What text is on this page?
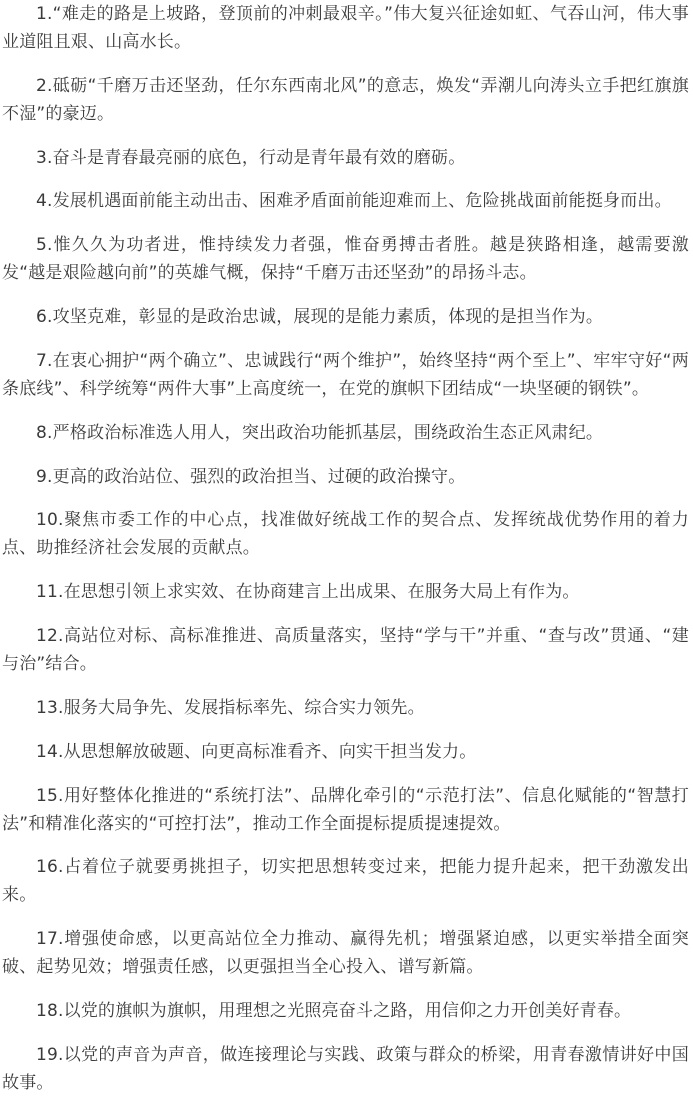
1.“难走的路是上坡路，登顶前的冲刺最艰辛。”伟大复兴征途如虹、气吞山河，伟大事业道阻且艰、山高水长。

2.砥砺“千磨万击还坚劲，任尔东西南北风”的意志，焕发“弄潮儿向涛头立手把红旗旗不湿”的豪迈。

3.奋斗是青春最亮丽的底色，行动是青年最有效的磨砺。

4.发展机遇面前能主动出击、困难矛盾面前能迎难而上、危险挑战面前能挺身而出。

5.惟久久为功者进，惟持续发力者强，惟奋勇搏击者胜。越是狭路相逢，越需要激发“越是艰险越向前”的英雄气概，保持“千磨万击还坚劲”的昂扬斗志。

6.攻坚克难，彰显的是政治忠诚，展现的是能力素质，体现的是担当作为。

7.在衷心拥护“两个确立”、忠诚践行“两个维护”，始终坚持“两个至上”、牢牢守好“两条底线”、科学统筹“两件大事”上高度统一，在党的旗帜下团结成“一块坚硬的钢铁”。

8.严格政治标准选人用人，突出政治功能抓基层，围绕政治生态正风肃纪。

9.更高的政治站位、强烈的政治担当、过硬的政治操守。

10.聚焦市委工作的中心点，找准做好统战工作的契合点、发挥统战优势作用的着力点、助推经济社会发展的贡献点。

11.在思想引领上求实效、在协商建言上出成果、在服务大局上有作为。

12.高站位对标、高标准推进、高质量落实，坚持“学与干”并重、“查与改”贯通、“建与治”结合。

13.服务大局争先、发展指标率先、综合实力领先。

14.从思想解放破题、向更高标准看齐、向实干担当发力。

15.用好整体化推进的“系统打法”、品牌化牵引的“示范打法”、信息化赋能的“智慧打法”和精准化落实的“可控打法”，推动工作全面提标提质提速提效。

16.占着位子就要勇挑担子，切实把思想转变过来，把能力提升起来，把干劲激发出来。

17.增强使命感，以更高站位全力推动、赢得先机；增强紧迫感，以更实举措全面突破、起势见效；增强责任感，以更强担当全心投入、谱写新篇。

18.以党的旗帜为旗帜，用理想之光照亮奋斗之路，用信仰之力开创美好青春。

19.以党的声音为声音，做连接理论与实践、政策与群众的桥梁，用青春激情讲好中国故事。
